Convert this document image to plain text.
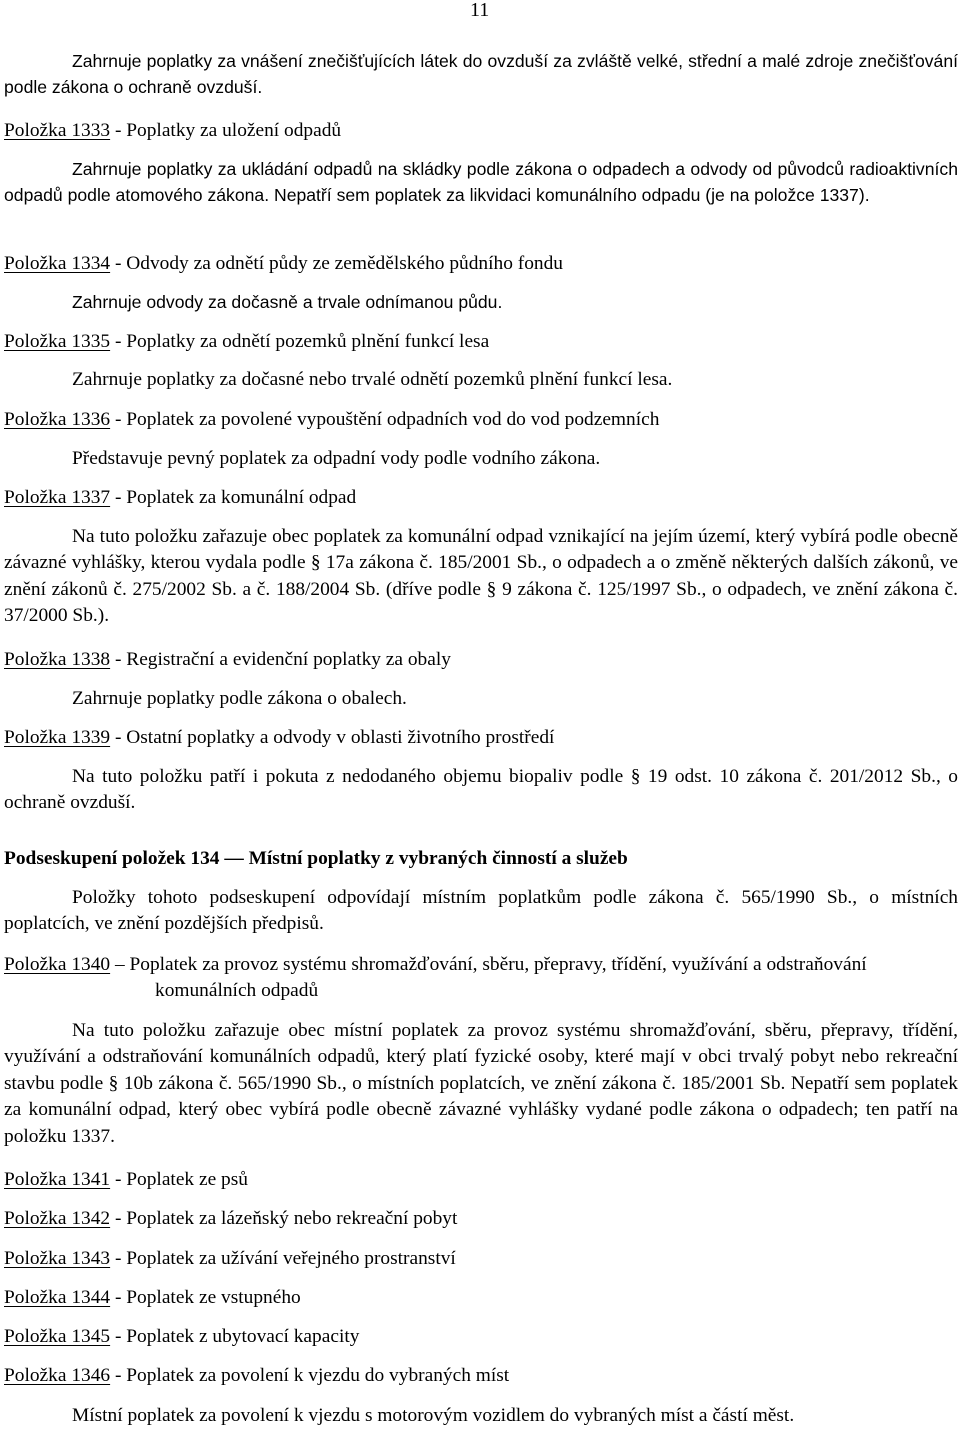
11

Zahrnuje poplatky za vnášení znečišťujících látek do ovzduší za zvláště velké, střední a malé zdroje znečišťování podle zákona o ochraně ovzduší.

Položka 1333 - Poplatky za uložení odpadů

Zahrnuje poplatky za ukládání odpadů na skládky podle zákona o odpadech a odvody od původců radioaktivních odpadů podle atomového zákona. Nepatří sem poplatek za likvidaci komunálního odpadu (je na položce 1337).

Položka 1334 - Odvody za odnětí půdy ze zemědělského půdního fondu

Zahrnuje odvody za dočasně a trvale odnímanou půdu.

Položka 1335 - Poplatky za odnětí pozemků plnění funkcí lesa

Zahrnuje poplatky za dočasné nebo trvalé odnětí pozemků plnění funkcí lesa.

Položka 1336 - Poplatek za povolené vypouštění odpadních vod do vod podzemních

Představuje pevný poplatek za odpadní vody podle vodního zákona.

Položka 1337 - Poplatek za komunální odpad

Na tuto položku zařazuje obec poplatek za komunální odpad vznikající na jejím území, který vybírá podle obecně závazné vyhlášky, kterou vydala podle § 17a zákona č. 185/2001 Sb., o odpadech a o změně některých dalších zákonů, ve znění zákonů č. 275/2002 Sb. a č. 188/2004 Sb. (dříve podle § 9 zákona č. 125/1997 Sb., o odpadech, ve znění zákona č. 37/2000 Sb.).

Položka 1338 - Registrační a evidenční poplatky za obaly

Zahrnuje poplatky podle zákona o obalech.

Položka 1339 - Ostatní poplatky a odvody v oblasti životního prostředí

Na tuto položku patří i pokuta z nedodaného objemu biopaliv podle § 19 odst. 10 zákona č. 201/2012 Sb., o ochraně ovzduší.

Podseskupení položek 134 — Místní poplatky z vybraných činností a služeb

Položky tohoto podseskupení odpovídají místním poplatkům podle zákona č. 565/1990 Sb., o místních poplatcích, ve znění pozdějších předpisů.

Položka 1340 – Poplatek za provoz systému shromažďování, sběru, přepravy, třídění, využívání a odstraňování komunálních odpadů

Na tuto položku zařazuje obec místní poplatek za provoz systému shromažďování, sběru, přepravy, třídění, využívání a odstraňování komunálních odpadů, který platí fyzické osoby, které mají v obci trvalý pobyt nebo rekreační stavbu podle § 10b zákona č. 565/1990 Sb., o místních poplatcích, ve znění zákona č. 185/2001 Sb. Nepatří sem poplatek za komunální odpad, který obec vybírá podle obecně závazné vyhlášky vydané podle zákona o odpadech; ten patří na položku 1337.

Položka 1341 - Poplatek ze psů

Položka 1342 - Poplatek za lázeňský nebo rekreační pobyt

Položka 1343 - Poplatek za užívání veřejného prostranství

Položka 1344 - Poplatek ze vstupného

Položka 1345 - Poplatek z ubytovací kapacity

Položka 1346 - Poplatek za povolení k vjezdu do vybraných míst

Místní poplatek za povolení k vjezdu s motorovým vozidlem do vybraných míst a částí měst.
